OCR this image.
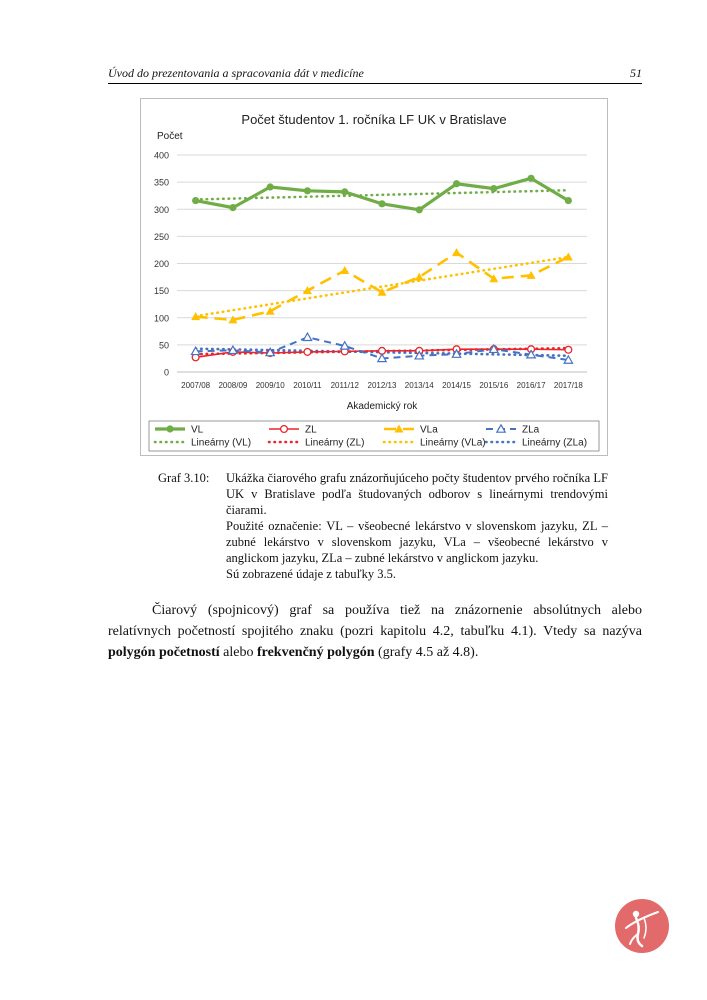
Úvod do prezentovania a spracovania dát v medicíne	51
Počet študentov 1. ročníka LF UK v Bratislave
Počet
0
50
100
150
200
250
300
350
400
2007/08 2008/09 2009/10 2010/11 2011/12 2012/13 2013/14 2014/15 2015/16 2016/17 2017/18
Akademický rok
VL	ZL	VLa	ZLa
Lineárny (VL)	Lineárny (ZL)	Lineárny (VLa)	Lineárny (ZLa)
Graf 3.10: Ukážka čiarového grafu znázorňujúceho počty študentov prvého ročníka LF UK v Bratislave podľa študovaných odborov s lineárnymi trendovými čiarami.

Použité označenie: VL – všeobecné lekárstvo v slovenskom jazyku, ZL – zubné lekárstvo v slovenskom jazyku, VLa – všeobecné lekárstvo v anglickom jazyku, ZLa – zubné lekárstvo v anglickom jazyku.

Sú zobrazené údaje z tabuľky 3.5.

Čiarový (spojnicový) graf sa používa tiež na znázornenie absolútnych alebo relatívnych početností spojitého znaku (pozri kapitolu 4.2, tabuľku 4.1). Vtedy sa nazýva polygón početností alebo frekvenčný polygón (grafy 4.5 až 4.8).
